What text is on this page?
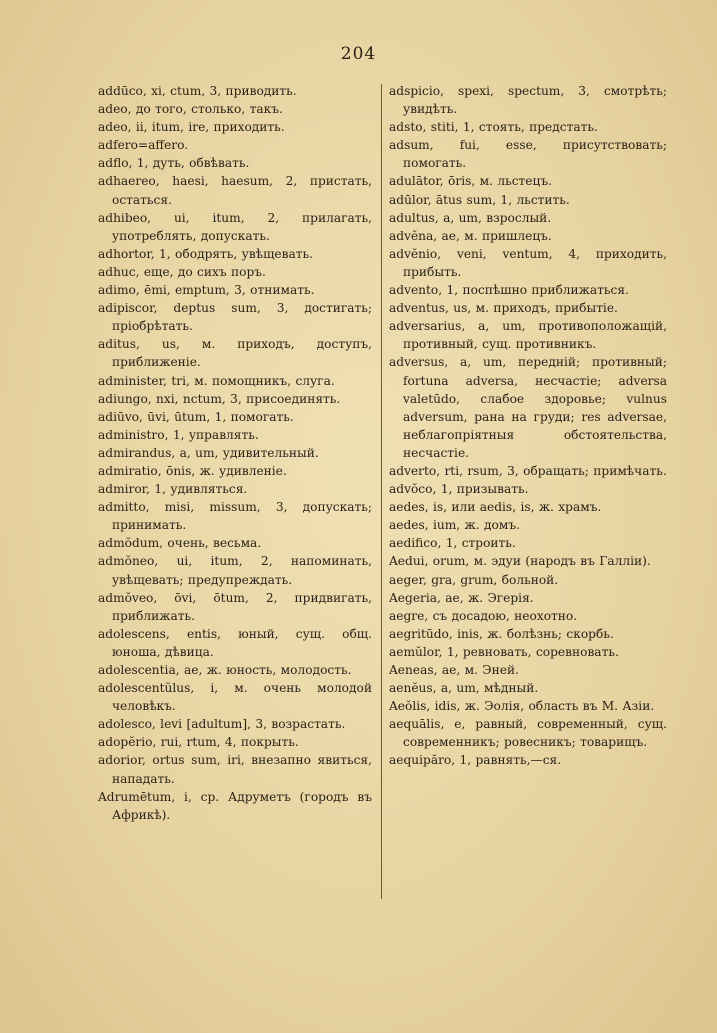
204
addūco, xi, ctum, 3, приводить.
adeo, до того, столько, такъ.
adeo, ii, itum, ire, приходить.
adfero=affero.
adflo, 1, дуть, обвѣвать.
adhaereo, haesi, haesum, 2, пристать, остаться.
adhibeo, ui, itum, 2, прилагать, употреблять, допускать.
adhortor, 1, ободрять, увѣщевать.
adhuc, еще, до сихъ поръ.
adimo, ēmi, emptum, 3, отнимать.
adipiscor, deptus sum, 3, достигать; пріобрѣтать.
aditus, us, м. приходъ, доступъ, приближеніе.
administer, tri, м. помощникъ, слуга.
adiungo, nxi, nctum, 3, присоединять.
adiūvo, ūvi, ūtum, 1, помогать.
administro, 1, управлять.
admirandus, a, um, удивительный.
admiratio, ōnis, ж. удивленіе.
admiror, 1, удивляться.
admitto, misi, missum, 3, допускать; принимать.
admŏdum, очень, весьма.
admŏneo, ui, itum, 2, напоминать, увѣщевать; предупреждать.
admŏveo, ōvi, ōtum, 2, придвигать, приближать.
adolescens, entis, юный, сущ. общ. юноша, дѣвица.
adolescentia, ae, ж. юность, молодость.
adolescentŭlus, i, м. очень молодой человѣкъ.
adolesco, levi [adultum], 3, возрастать.
adopĕrio, rui, rtum, 4, покрыть.
adorior, ortus sum, iri, внезапно явиться, нападать.
Adrumētum, i, ср. Адруметъ (городъ въ Африкѣ).
adspicio, spexi, spectum, 3, смотрѣть; увидѣть.
adsto, stiti, 1, стоять, предстать.
adsum, fui, esse, присутствовать; помогать.
adulātor, ōris, м. льстецъ.
adūlor, ātus sum, 1, льстить.
adultus, a, um, взрослый.
advĕna, ae, м. пришлецъ.
advĕnio, veni, ventum, 4, приходить, прибыть.
advento, 1, поспѣшно приближаться.
adventus, us, м. приходъ, прибытіе.
adversarius, a, um, противоположащій, противный, сущ. противникъ.
adversus, a, um, передній; противный; fortuna adversa, несчастіе; adversa valetūdo, слабое здоровье; vulnus adversum, рана на груди; res adversae, неблагопріятныя обстоятельства, несчастіе.
adverto, rti, rsum, 3, обращать; примѣчать.
advŏco, 1, призывать.
aedes, is, или aedis, is, ж. храмъ.
aedes, ium, ж. домъ.
aedifico, 1, строить.
Aedui, orum, м. эдуи (народъ въ Галліи).
aeger, gra, grum, больной.
Aegeria, ae, ж. Эгерія.
aegre, съ досадою, неохотно.
aegritūdo, inis, ж. болѣзнь; скорбь.
aemŭlor, 1, ревновать, соревновать.
Aeneas, ae, м. Эней.
aenĕus, a, um, мѣдный.
Aeŏlis, idis, ж. Эолія, область въ М. Азіи.
aequālis, e, равный, современный, сущ. современникъ; ровесникъ; товарищъ.
aequipăro, 1, равнять,—ся.
